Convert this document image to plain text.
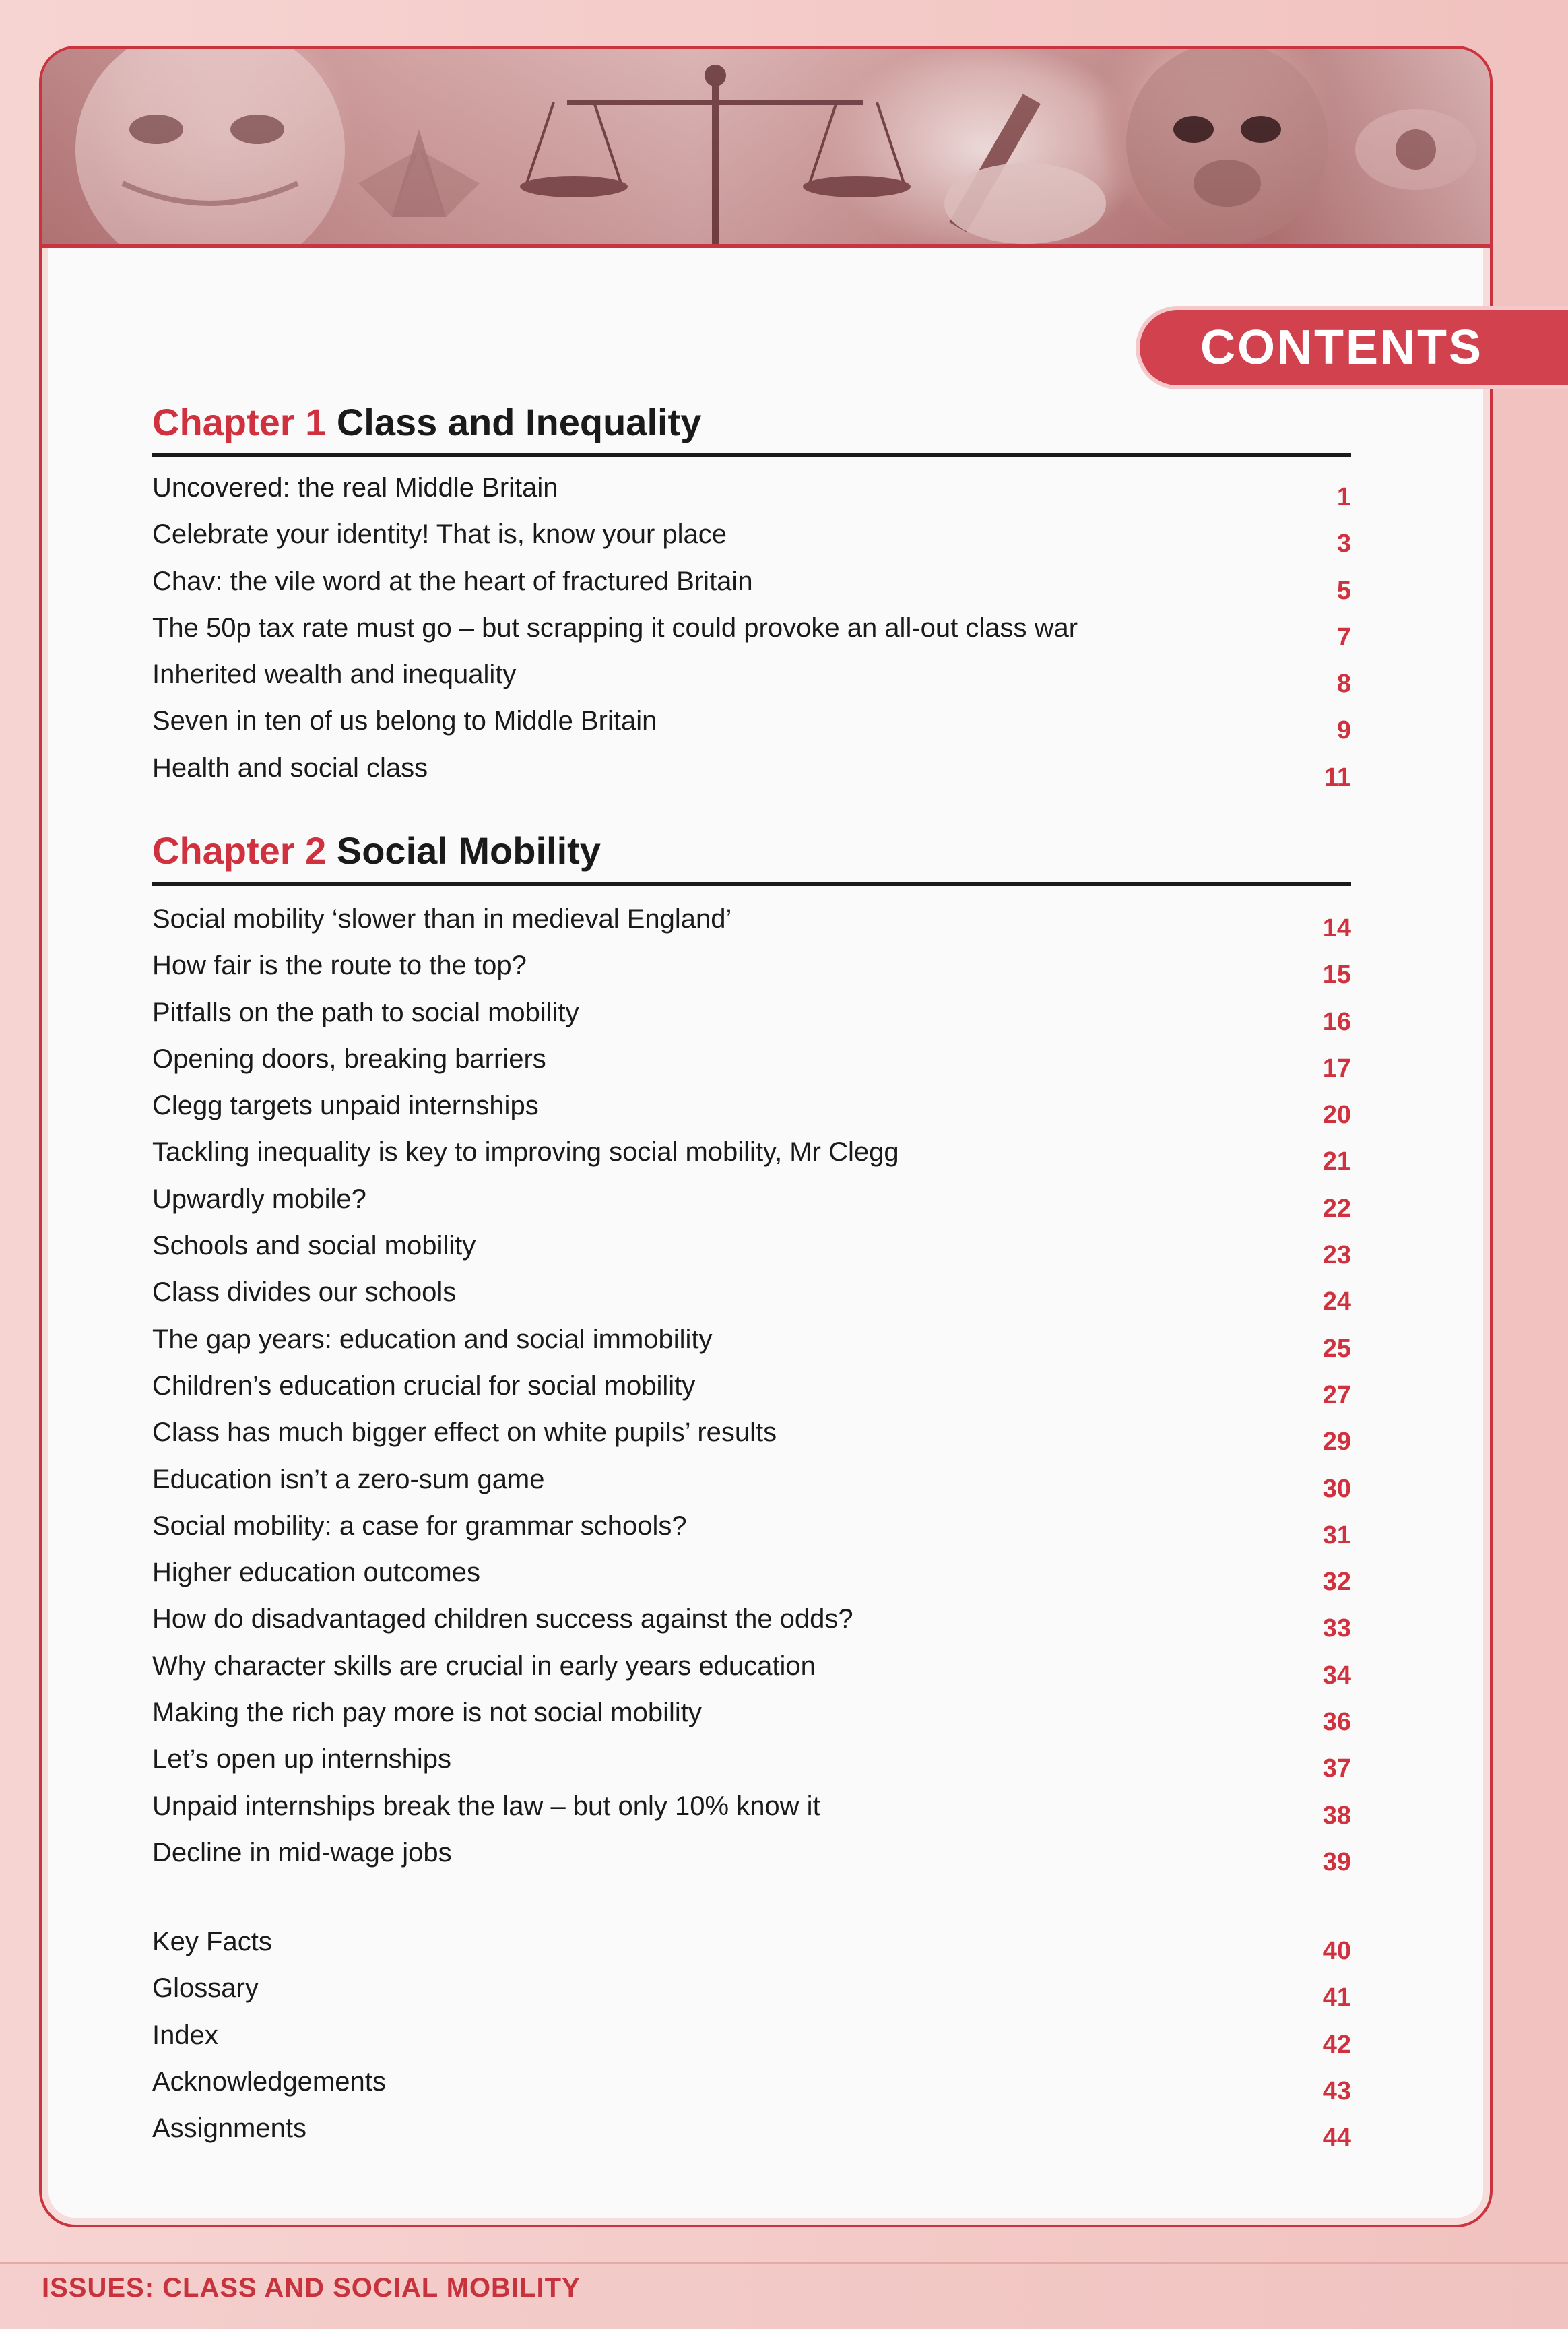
CONTENTS
Chapter 1 Class and Inequality
Uncovered: the real Middle Britain	1
Celebrate your identity! That is, know your place	3
Chav: the vile word at the heart of fractured Britain	5
The 50p tax rate must go – but scrapping it could provoke an all-out class war	7
Inherited wealth and inequality	8
Seven in ten of us belong to Middle Britain	9
Health and social class	11
Chapter 2 Social Mobility
Social mobility ‘slower than in medieval England’	14
How fair is the route to the top?	15
Pitfalls on the path to social mobility	16
Opening doors, breaking barriers	17
Clegg targets unpaid internships	20
Tackling inequality is key to improving social mobility, Mr Clegg	21
Upwardly mobile?	22
Schools and social mobility	23
Class divides our schools	24
The gap years: education and social immobility	25
Children’s education crucial for social mobility	27
Class has much bigger effect on white pupils’ results	29
Education isn’t a zero-sum game	30
Social mobility: a case for grammar schools?	31
Higher education outcomes	32
How do disadvantaged children success against the odds?	33
Why character skills are crucial in early years education	34
Making the rich pay more is not social mobility	36
Let’s open up internships	37
Unpaid internships break the law – but only 10% know it	38
Decline in mid-wage jobs	39
Key Facts	40
Glossary	41
Index	42
Acknowledgements	43
Assignments	44
ISSUES: CLASS AND SOCIAL MOBILITY
